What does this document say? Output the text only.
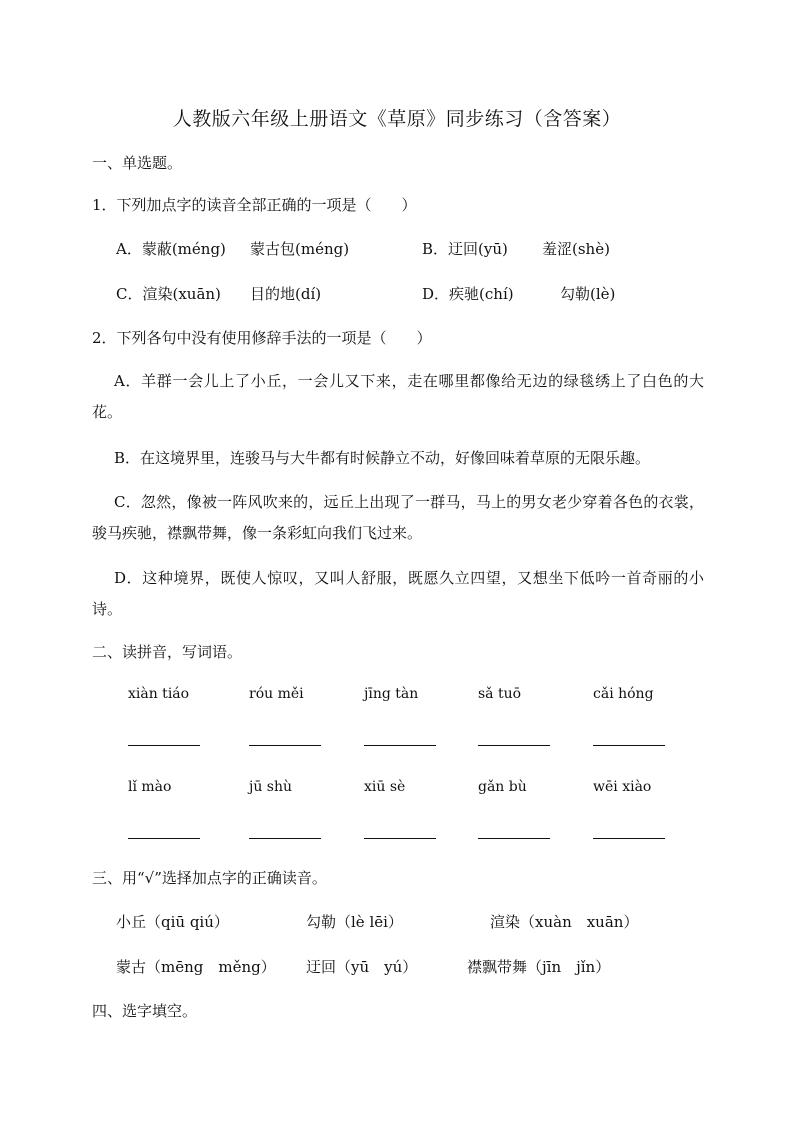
人教版六年级上册语文《草原》同步练习（含答案）
一、单选题。
1．下列加点字的读音全部正确的一项是（　　）
A．蒙蔽(méng) 蒙古包(méng)	B．迂回(yū) 羞涩(shè)
C．渲染(xuān) 目的地(dí)	D．疾驰(chí)	勾勒(lè)
2．下列各句中没有使用修辞手法的一项是（　　）
A．羊群一会儿上了小丘，一会儿又下来，走在哪里都像给无边的绿毯绣上了白色的大花。
B．在这境界里，连骏马与大牛都有时候静立不动，好像回味着草原的无限乐趣。
C．忽然，像被一阵风吹来的，远丘上出现了一群马，马上的男女老少穿着各色的衣裳，骏马疾驰，襟飘带舞，像一条彩虹向我们飞过来。
D．这种境界，既使人惊叹，又叫人舒服，既愿久立四望，又想坐下低吟一首奇丽的小诗。
二、读拼音，写词语。
xiàn tiáo	róu měi	jīng tàn	sǎ tuō	cǎi hóng
lǐ mào	jū shù	xiū sè	gǎn bù	wēi xiào
三、用“√”选择加点字的正确读音。
小丘（qiū qiú）	勾勒（lè lēi）	渲染（xuàn　xuān）
蒙古（mēng　měng） 迂回（yū　yú）	襟飘带舞（jīn　jǐn）
四、选字填空。
